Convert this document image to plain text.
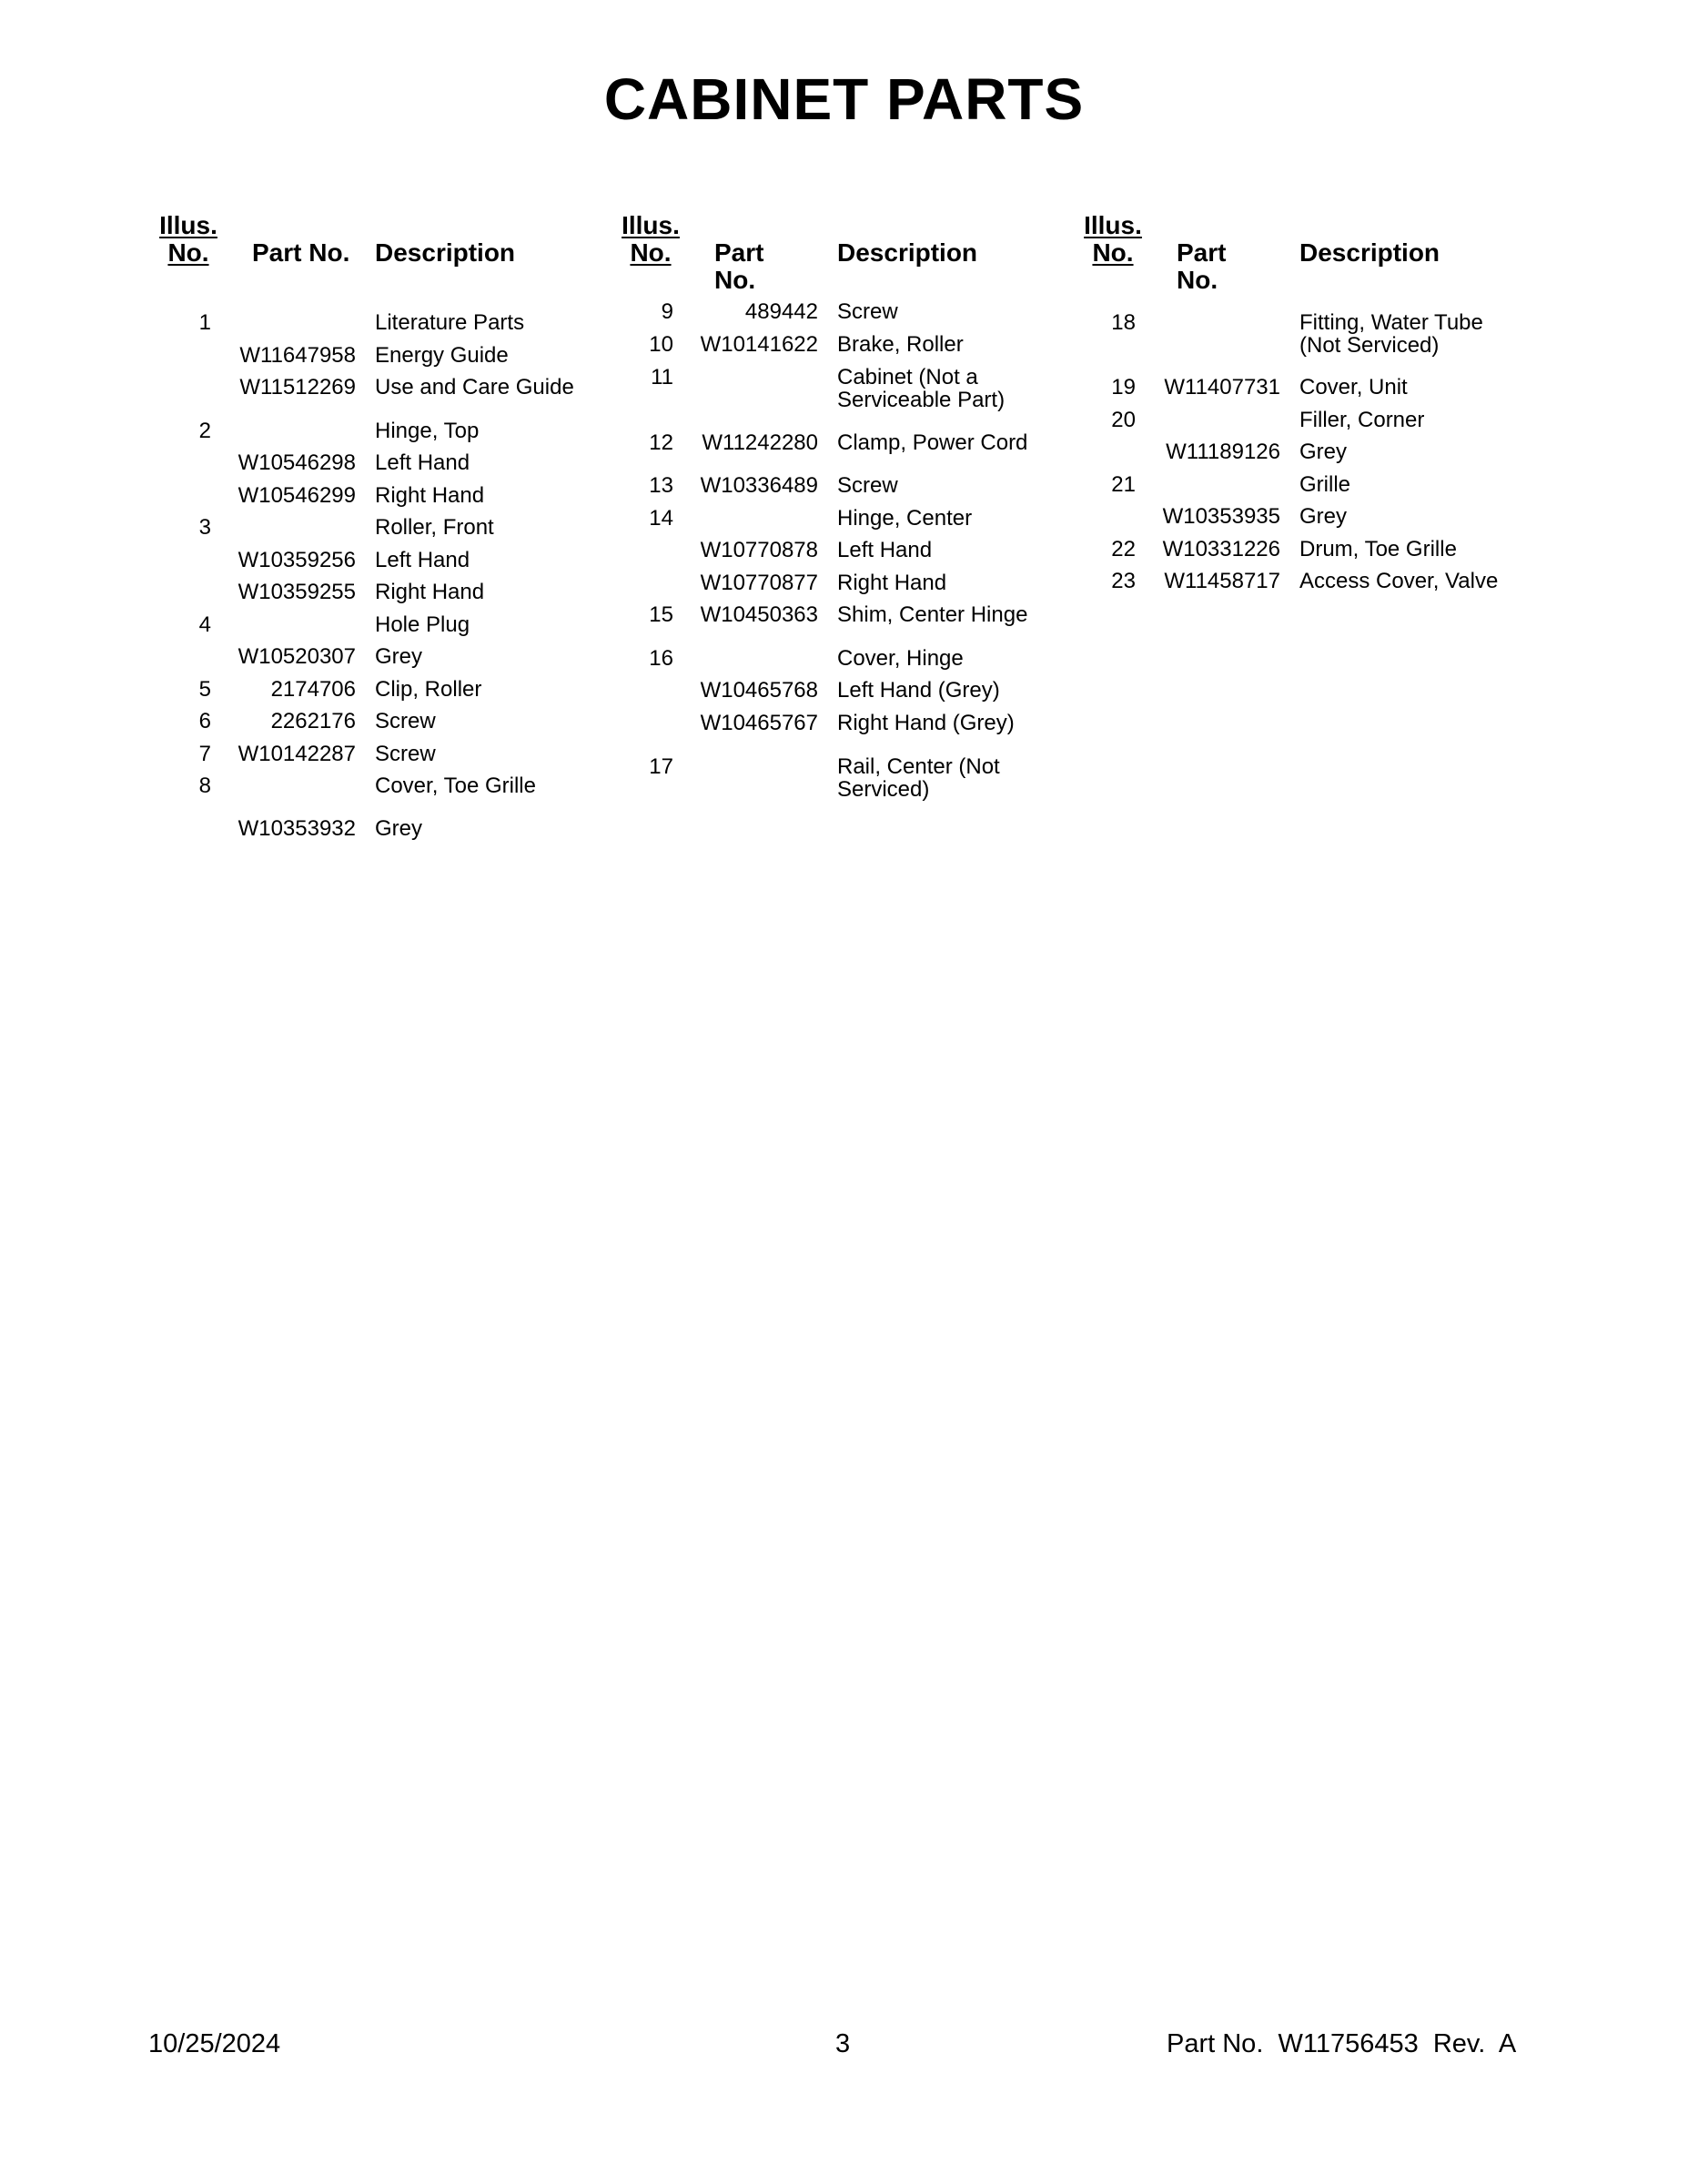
CABINET PARTS
Illus.
No.	Part No. Description
1	Literature Parts
W11647958 Energy Guide
W11512269 Use and Care Guide
2	Hinge, Top
W10546298 Left Hand
W10546299 Right Hand
3	Roller, Front
W10359256 Left Hand
W10359255 Right Hand
4	Hole Plug
W10520307 Grey
5	2174706 Clip, Roller
6	2262176 Screw
7	W10142287 Screw
8	Cover, Toe Grille
W10353932 Grey
Illus.
No.	Part No.
Description
9	489442 Screw
10	W10141622 Brake, Roller
11	Cabinet (Not a Serviceable Part)
12	W11242280 Clamp, Power Cord
13	W10336489 Screw
14	Hinge, Center
W10770878 Left Hand
W10770877 Right Hand
15	W10450363 Shim, Center Hinge
16	Cover, Hinge
W10465768 Left Hand (Grey)
W10465767 Right Hand (Grey)
17	Rail, Center (Not Serviced)
Illus.
No.	Part No.
Description
18	Fitting, Water Tube (Not Serviced)
19	W11407731 Cover, Unit
20	Filler, Corner
W11189126 Grey
21	Grille
W10353935 Grey
22	W10331226 Drum, Toe Grille
23	W11458717 Access Cover, Valve
10/25/2024	3	Part No.  W11756453  Rev.  A
